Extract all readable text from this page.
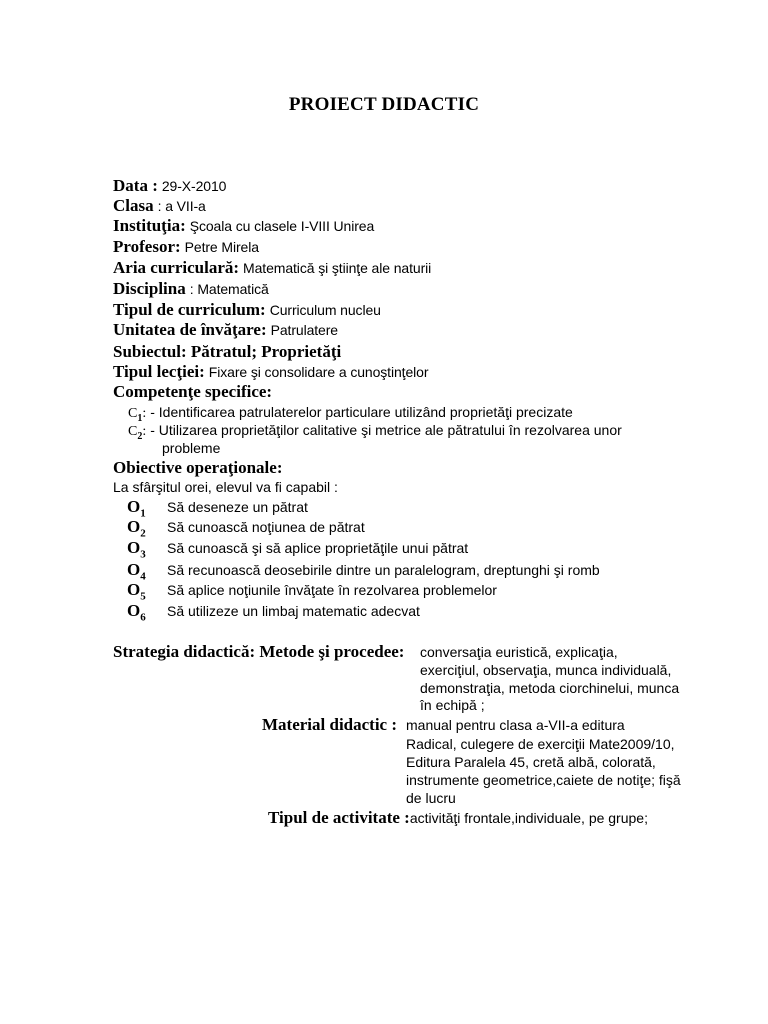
PROIECT DIDACTIC
Data : 29-X-2010
Clasa : a VII-a
Instituţia: Şcoala cu clasele I-VIII Unirea
Profesor: Petre Mirela
Aria curriculară: Matematică şi ştiinţe ale naturii
Disciplina : Matematică
Tipul de curriculum: Curriculum nucleu
Unitatea de învăţare: Patrulatere
Subiectul: Pătratul; Proprietăţi
Tipul lecţiei: Fixare şi consolidare a cunoştinţelor
Competenţe specifice:
$C_1$: - Identificarea patrulaterelor particulare utilizând proprietăţi precizate
$C_2$: - Utilizarea proprietăţilor calitative şi metrice ale pătratului în rezolvarea unor
probleme
Obiective operaţionale:
La sfârşitul orei, elevul va fi capabil :
$O_1$ Să deseneze un pătrat
$O_2$ Să cunoască noţiunea de pătrat
$O_3$ Să cunoască şi să aplice proprietăţile unui pătrat
$O_4$ Să recunoască deosebirile dintre un paralelogram, dreptunghi şi romb
$O_5$ Să aplice noţiunile învăţate în rezolvarea problemelor
$O_6$ Să utilizeze un limbaj matematic adecvat
Strategia didactică: Metode şi procedee: conversaţia euristică, explicaţia,
exerciţiul, observaţia, munca individuală,
demonstraţia, metoda ciorchinelui, munca
în echipă ;
Material didactic : manual pentru clasa a-VII-a editura
Radical, culegere de exerciţii Mate2009/10,
Editura Paralela 45, cretă albă, colorată,
instrumente geometrice,caiete de notiţe; fişă
de lucru
Tipul de activitate :activităţi frontale,individuale, pe grupe;
